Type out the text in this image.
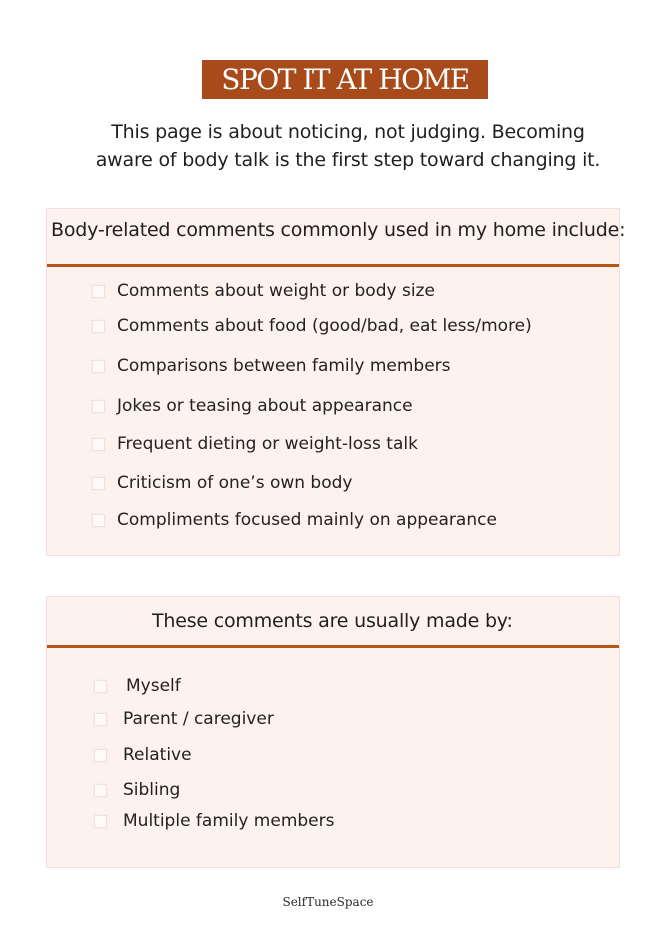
SPOT IT AT HOME
This page is about noticing, not judging. Becoming
aware of body talk is the first step toward changing it.
Body-related comments commonly used in my home include:
Comments about weight or body size
Comments about food (good/bad, eat less/more)
Comparisons between family members
Jokes or teasing about appearance
Frequent dieting or weight-loss talk
Criticism of one’s own body
Compliments focused mainly on appearance
These comments are usually made by:
Myself
Parent / caregiver
Relative
Sibling
Multiple family members
SelfTuneSpace
